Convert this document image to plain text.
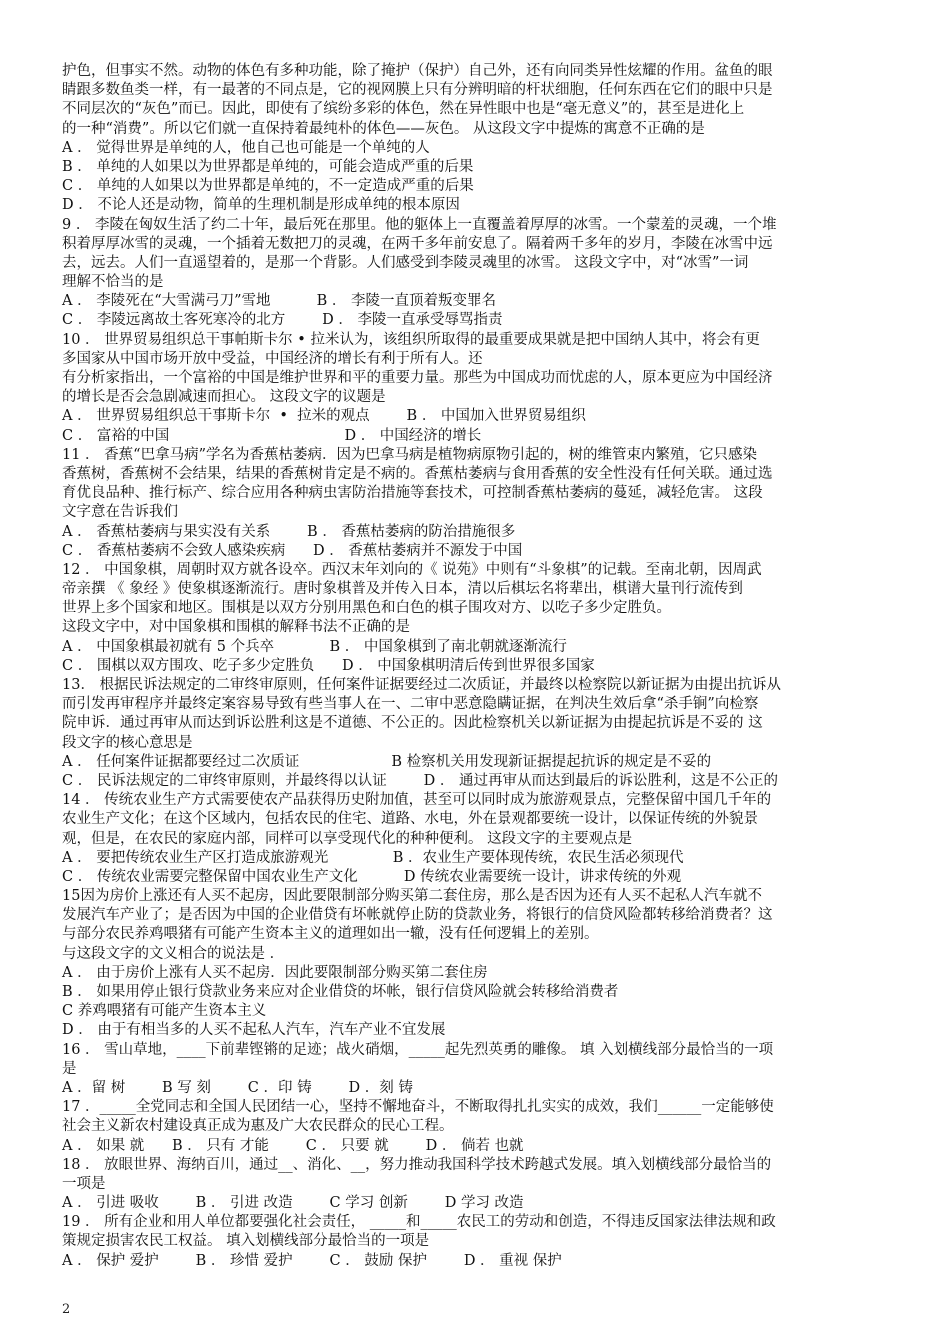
护色，但事实不然。动物的体色有多种功能，除了掩护（保护）自己外，还有向同类异性炫耀的作用。盆鱼的眼
睛跟多数鱼类一样，有一最著的不同点是，它的视网膜上只有分辨明暗的杆状细胞，任何东西在它们的眼中只是
不同层次的“灰色”而已。因此，即使有了缤纷多彩的体色，然在异性眼中也是“毫无意义”的，甚至是进化上
的一种“消费”。所以它们就一直保持着最纯朴的体色——灰色。 从这段文字中提炼的寓意不正确的是
A ． 觉得世界是单纯的人，他自己也可能是一个单纯的人
B ． 单纯的人如果以为世界都是单纯的，可能会造成严重的后果
C ． 单纯的人如果以为世界都是单纯的，不一定造成严重的后果
D ． 不论人还是动物，简单的生理机制是形成单纯的根本原因
9 ． 李陵在匈奴生活了约二十年，最后死在那里。他的躯体上一直覆盖着厚厚的冰雪。一个蒙羞的灵魂，一个堆
积着厚厚冰雪的灵魂，一个插着无数把刀的灵魂，在两千多年前安息了。隔着两千多年的岁月，李陵在冰雪中远
去，远去。人们一直遥望着的，是那一个背影。人们感受到李陵灵魂里的冰雪。 这段文字中，对“冰雪”一词
理解不恰当的是
A ． 李陵死在“大雪满弓刀”雪地          B ． 李陵一直顶着叛变罪名
C ． 李陵远离故土客死寒冷的北方        D ． 李陵一直承受辱骂指责
10 ． 世界贸易组织总干事帕斯卡尔 • 拉米认为，该组织所取得的最重要成果就是把中国纳人其中，将会有更
多国家从中国市场开放中受益，中国经济的增长有利于所有人。还
有分析家指出，一个富裕的中国是维护世界和平的重要力量。那些为中国成功而忧虑的人，原本更应为中国经济
的增长是否会急剧减速而担心。 这段文字的议题是
A ． 世界贸易组织总干事斯卡尔  •  拉米的观点        B ． 中国加入世界贸易组织
C ． 富裕的中国                                      D ． 中国经济的增长
11 ． 香蕉“巴拿马病”学名为香蕉枯萎病．因为巴拿马病是植物病原物引起的，树的维管束内繁殖，它只感染
香蕉树，香蕉树不会结果，结果的香蕉树肯定是不病的。香蕉枯萎病与食用香蕉的安全性没有任何关联。通过选
育优良品种、推行标产、综合应用各种病虫害防治措施等套技术，可控制香蕉枯萎病的蔓延，减轻危害。 这段
文字意在告诉我们
A ． 香蕉枯萎病与果实没有关系        B ． 香蕉枯萎病的防治措施很多
C ． 香蕉枯萎病不会致人感染疾病      D ． 香蕉枯萎病并不源发于中国
12 ． 中国象棋，周朝时双方就各设卒。西汉末年刘向的《 说苑》中则有“斗象棋”的记载。至南北朝，因周武
帝亲撰 《 象经 》使象棋逐渐流行。唐时象棋普及并传入日本，清以后棋坛名将辈出，棋谱大量刊行流传到
世界上多个国家和地区。围棋是以双方分别用黑色和白色的棋子围攻对方、以吃子多少定胜负。
这段文字中，对中国象棋和围棋的解释书法不正确的是
A ． 中国象棋最初就有 5 个兵卒            B ． 中国象棋到了南北朝就逐渐流行
C ． 围棋以双方围攻、吃子多少定胜负      D ． 中国象棋明清后传到世界很多国家
13． 根据民诉法规定的二审终审原则，任何案件证据要经过二次质证，并最终以检察院以新证据为由提出抗诉从
而引发再审程序并最终定案容易导致有些当事人在一、二审中恶意隐瞒证据，在判决生效后拿“杀手锏”向检察
院申诉．通过再审从而达到诉讼胜利这是不道德、不公正的。因此检察机关以新证据为由提起抗诉是不妥的 这
段文字的核心意思是
A ． 任何案件证据都要经过二次质证                    B 检察机关用发现新证据提起抗诉的规定是不妥的
C ． 民诉法规定的二审终审原则，并最终得以认证        D ． 通过再审从而达到最后的诉讼胜利，这是不公正的
14 ． 传统农业生产方式需要使农产品获得历史附加值，甚至可以同时成为旅游观景点，完整保留中国几千年的
农业生产文化；在这个区域内，包括农民的住宅、道路、水电，外在景观都要统一设计，以保证传统的外貌景
观，但是，在农民的家庭内部，同样可以享受现代化的种种便利。 这段文字的主要观点是
A ． 要把传统农业生产区打造成旅游观光              B ．农业生产要体现传统，农民生活必须现代
C ． 传统农业需要完整保留中国农业生产文化          D 传统农业需要统一设计，讲求传统的外观
15因为房价上涨还有人买不起房，因此要限制部分购买第二套住房，那么是否因为还有人买不起私人汽车就不
发展汽车产业了；是否因为中国的企业借贷有坏帐就停止防的贷款业务，将银行的信贷风险都转移给消费者？这
与部分农民养鸡喂猪有可能产生资本主义的道理如出一辙，没有任何逻辑上的差别。
与这段文字的文义相合的说法是 ．
A ． 由于房价上涨有人买不起房．因此要限制部分购买第二套住房
B ． 如果用停止银行贷款业务来应对企业借贷的坏帐，银行信贷风险就会转移给消费者
C 养鸡喂猪有可能产生资本主义
D ． 由于有相当多的人买不起私人汽车，汽车产业不宜发展
16 ． 雪山草地，____下前辈铿锵的足迹；战火硝烟，_____起先烈英勇的雕像。 填 入划横线部分最恰当的一项
是
A ．留 树        B 写 刻        C ．印 铸        D ．刻 铸
17 ．_____全党同志和全国人民团结一心，坚持不懈地奋斗，不断取得扎扎实实的成效，我们______一定能够使
社会主义新农村建设真正成为惠及广大农民群众的民心工程。
A ． 如果 就      B ． 只有 才能        C ． 只要 就        D ． 倘若 也就
18 ． 放眼世界、海纳百川，通过__、消化、__，努力推动我国科学技术跨越式发展。填入划横线部分最恰当的
一项是
A ． 引进 吸收        B ． 引进 改造        C 学习 创新        D 学习 改造
19 ． 所有企业和用人单位都要强化社会责任， _____和_____农民工的劳动和创造，不得违反国家法律法规和政
策规定损害农民工权益。 填入划横线部分最恰当的一项是
A ． 保护 爱护        B ． 珍惜 爱护        C ． 鼓励 保护        D ． 重视 保护
2
